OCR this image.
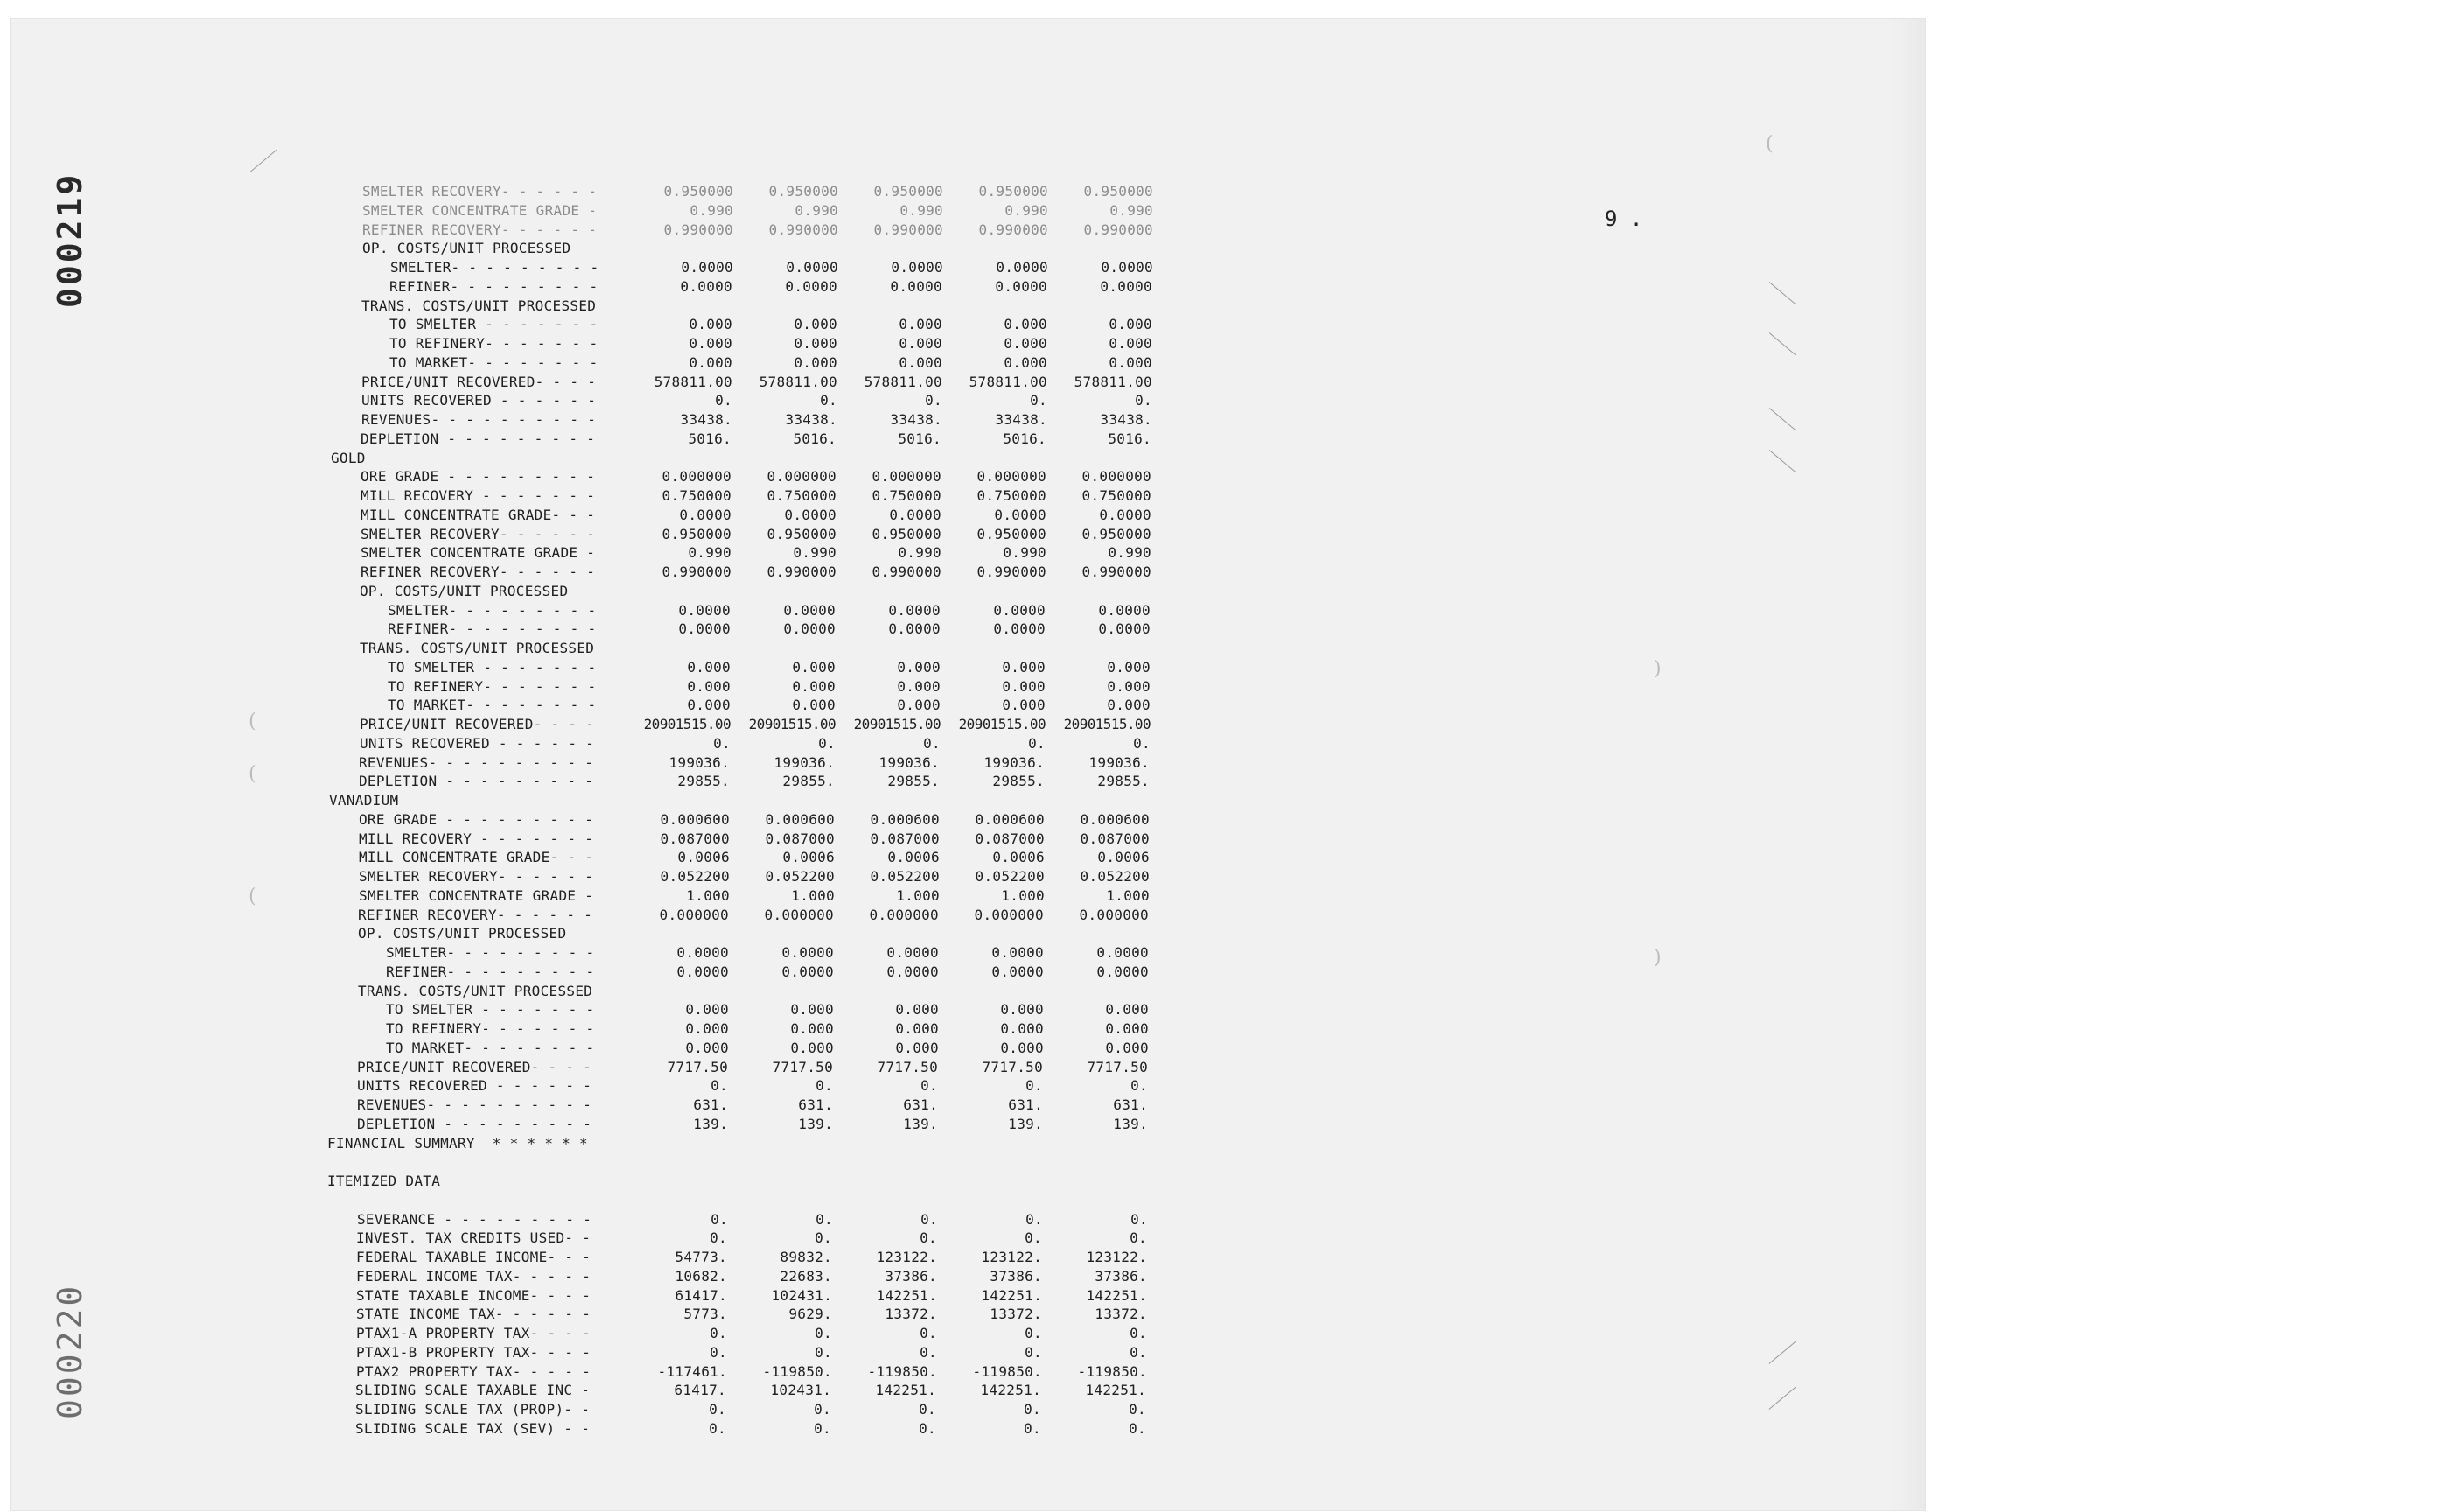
000219
000220
9 .
SMELTER RECOVERY- - - - - -	0.950000	0.950000	0.950000	0.950000	0.950000
SMELTER CONCENTRATE GRADE -	0.990	0.990	0.990	0.990	0.990
REFINER RECOVERY- - - - - -	0.990000	0.990000	0.990000	0.990000	0.990000
OP. COSTS/UNIT PROCESSED
SMELTER- - - - - - - - -	0.0000	0.0000	0.0000	0.0000	0.0000
REFINER- - - - - - - - -	0.0000	0.0000	0.0000	0.0000	0.0000
TRANS. COSTS/UNIT PROCESSED
TO SMELTER - - - - - - -	0.000	0.000	0.000	0.000	0.000
TO REFINERY- - - - - - -	0.000	0.000	0.000	0.000	0.000
TO MARKET- - - - - - - -	0.000	0.000	0.000	0.000	0.000
PRICE/UNIT RECOVERED- - - -	578811.00	578811.00	578811.00	578811.00	578811.00
UNITS RECOVERED - - - - - -	0.	0.	0.	0.	0.
REVENUES- - - - - - - - - -	33438.	33438.	33438.	33438.	33438.
DEPLETION - - - - - - - - -	5016.	5016.	5016.	5016.	5016.
GOLD
ORE GRADE - - - - - - - - -	0.000000	0.000000	0.000000	0.000000	0.000000
MILL RECOVERY - - - - - - -	0.750000	0.750000	0.750000	0.750000	0.750000
MILL CONCENTRATE GRADE- - -	0.0000	0.0000	0.0000	0.0000	0.0000
SMELTER RECOVERY- - - - - -	0.950000	0.950000	0.950000	0.950000	0.950000
SMELTER CONCENTRATE GRADE -	0.990	0.990	0.990	0.990	0.990
REFINER RECOVERY- - - - - -	0.990000	0.990000	0.990000	0.990000	0.990000
OP. COSTS/UNIT PROCESSED
SMELTER- - - - - - - - -	0.0000	0.0000	0.0000	0.0000	0.0000
REFINER- - - - - - - - -	0.0000	0.0000	0.0000	0.0000	0.0000
TRANS. COSTS/UNIT PROCESSED
TO SMELTER - - - - - - -	0.000	0.000	0.000	0.000	0.000
TO REFINERY- - - - - - -	0.000	0.000	0.000	0.000	0.000
TO MARKET- - - - - - - -	0.000	0.000	0.000	0.000	0.000
PRICE/UNIT RECOVERED- - - -	20901515.00	20901515.00	20901515.00	20901515.00	20901515.00
UNITS RECOVERED - - - - - -	0.	0.	0.	0.	0.
REVENUES- - - - - - - - - -	199036.	199036.	199036.	199036.	199036.
DEPLETION - - - - - - - - -	29855.	29855.	29855.	29855.	29855.
VANADIUM
ORE GRADE - - - - - - - - -	0.000600	0.000600	0.000600	0.000600	0.000600
MILL RECOVERY - - - - - - -	0.087000	0.087000	0.087000	0.087000	0.087000
MILL CONCENTRATE GRADE- - -	0.0006	0.0006	0.0006	0.0006	0.0006
SMELTER RECOVERY- - - - - -	0.052200	0.052200	0.052200	0.052200	0.052200
SMELTER CONCENTRATE GRADE -	1.000	1.000	1.000	1.000	1.000
REFINER RECOVERY- - - - - -	0.000000	0.000000	0.000000	0.000000	0.000000
OP. COSTS/UNIT PROCESSED
SMELTER- - - - - - - - -	0.0000	0.0000	0.0000	0.0000	0.0000
REFINER- - - - - - - - -	0.0000	0.0000	0.0000	0.0000	0.0000
TRANS. COSTS/UNIT PROCESSED
TO SMELTER - - - - - - -	0.000	0.000	0.000	0.000	0.000
TO REFINERY- - - - - - -	0.000	0.000	0.000	0.000	0.000
TO MARKET- - - - - - - -	0.000	0.000	0.000	0.000	0.000
PRICE/UNIT RECOVERED- - - -	7717.50	7717.50	7717.50	7717.50	7717.50
UNITS RECOVERED - - - - - -	0.	0.	0.	0.	0.
REVENUES- - - - - - - - - -	631.	631.	631.	631.	631.
DEPLETION - - - - - - - - -	139.	139.	139.	139.	139.
FINANCIAL SUMMARY  * * * * * *
ITEMIZED DATA
SEVERANCE - - - - - - - - -	0.	0.	0.	0.	0.
INVEST. TAX CREDITS USED- -	0.	0.	0.	0.	0.
FEDERAL TAXABLE INCOME- - -	54773.	89832.	123122.	123122.	123122.
FEDERAL INCOME TAX- - - - -	10682.	22683.	37386.	37386.	37386.
STATE TAXABLE INCOME- - - -	61417.	102431.	142251.	142251.	142251.
STATE INCOME TAX- - - - - -	5773.	9629.	13372.	13372.	13372.
PTAX1-A PROPERTY TAX- - - -	0.	0.	0.	0.	0.
PTAX1-B PROPERTY TAX- - - -	0.	0.	0.	0.	0.
PTAX2 PROPERTY TAX- - - - -	-117461.	-119850.	-119850.	-119850.	-119850.
SLIDING SCALE TAXABLE INC -	61417.	102431.	142251.	142251.	142251.
SLIDING SCALE TAX (PROP)- -	0.	0.	0.	0.	0.
SLIDING SCALE TAX (SEV) - -	0.	0.	0.	0.	0.
(
(
(
)
)
(
